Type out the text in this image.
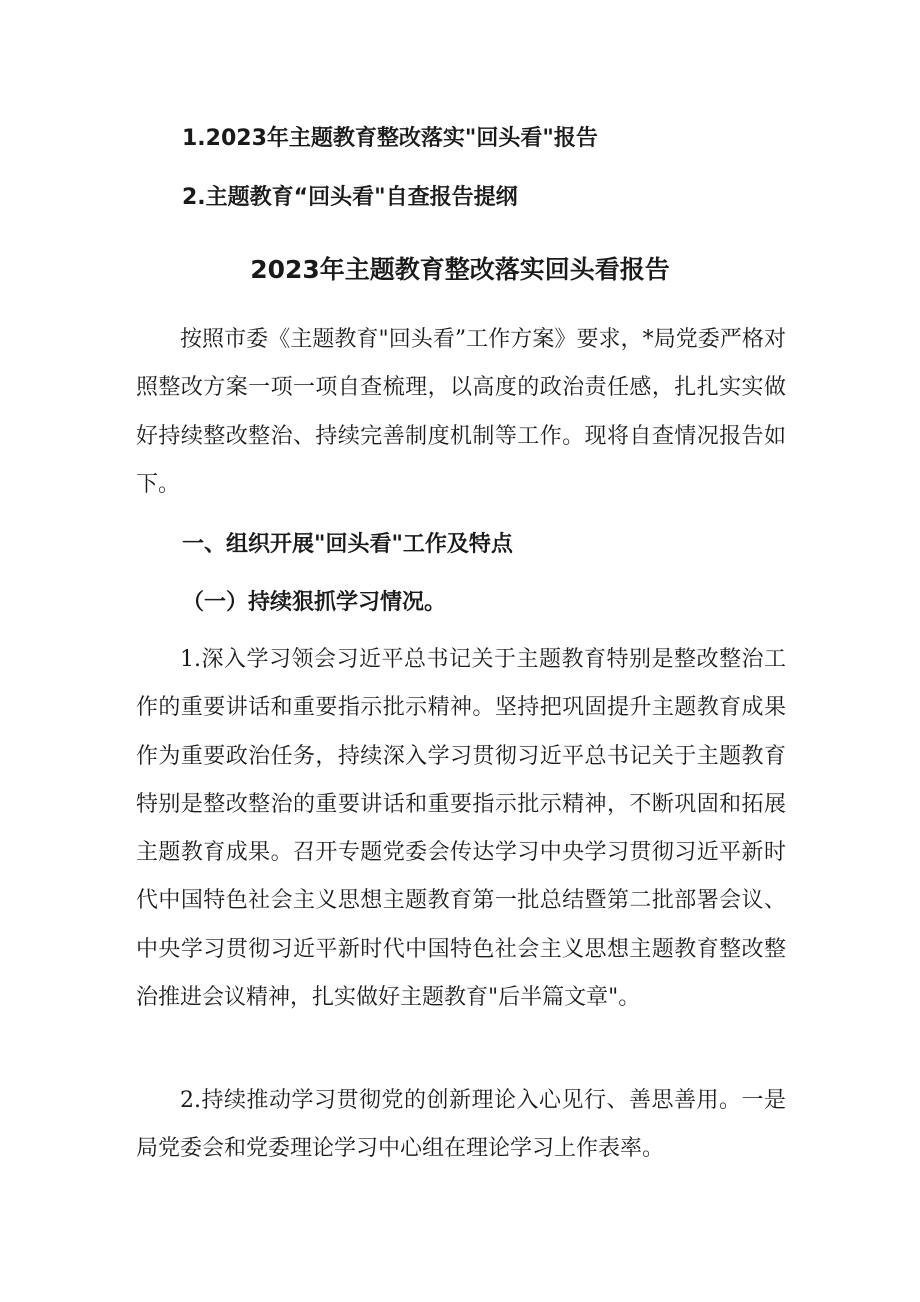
1.2023年主题教育整改落实"回头看"报告

2.主题教育“回头看"自查报告提纲

2023年主题教育整改落实回头看报告

按照市委《主题教育"回头看”工作方案》要求，*局党委严格对照整改方案一项一项自查梳理，以高度的政治责任感，扎扎实实做好持续整改整治、持续完善制度机制等工作。现将自查情况报告如下。

一、组织开展"回头看"工作及特点
（一）持续狠抓学习情况。

1.深入学习领会习近平总书记关于主题教育特别是整改整治工作的重要讲话和重要指示批示精神。坚持把巩固提升主题教育成果作为重要政治任务，持续深入学习贯彻习近平总书记关于主题教育特别是整改整治的重要讲话和重要指示批示精神，不断巩固和拓展主题教育成果。召开专题党委会传达学习中央学习贯彻习近平新时代中国特色社会主义思想主题教育第一批总结暨第二批部署会议、中央学习贯彻习近平新时代中国特色社会主义思想主题教育整改整治推进会议精神，扎实做好主题教育"后半篇文章"。

2.持续推动学习贯彻党的创新理论入心见行、善思善用。一是局党委会和党委理论学习中心组在理论学习上作表率。
